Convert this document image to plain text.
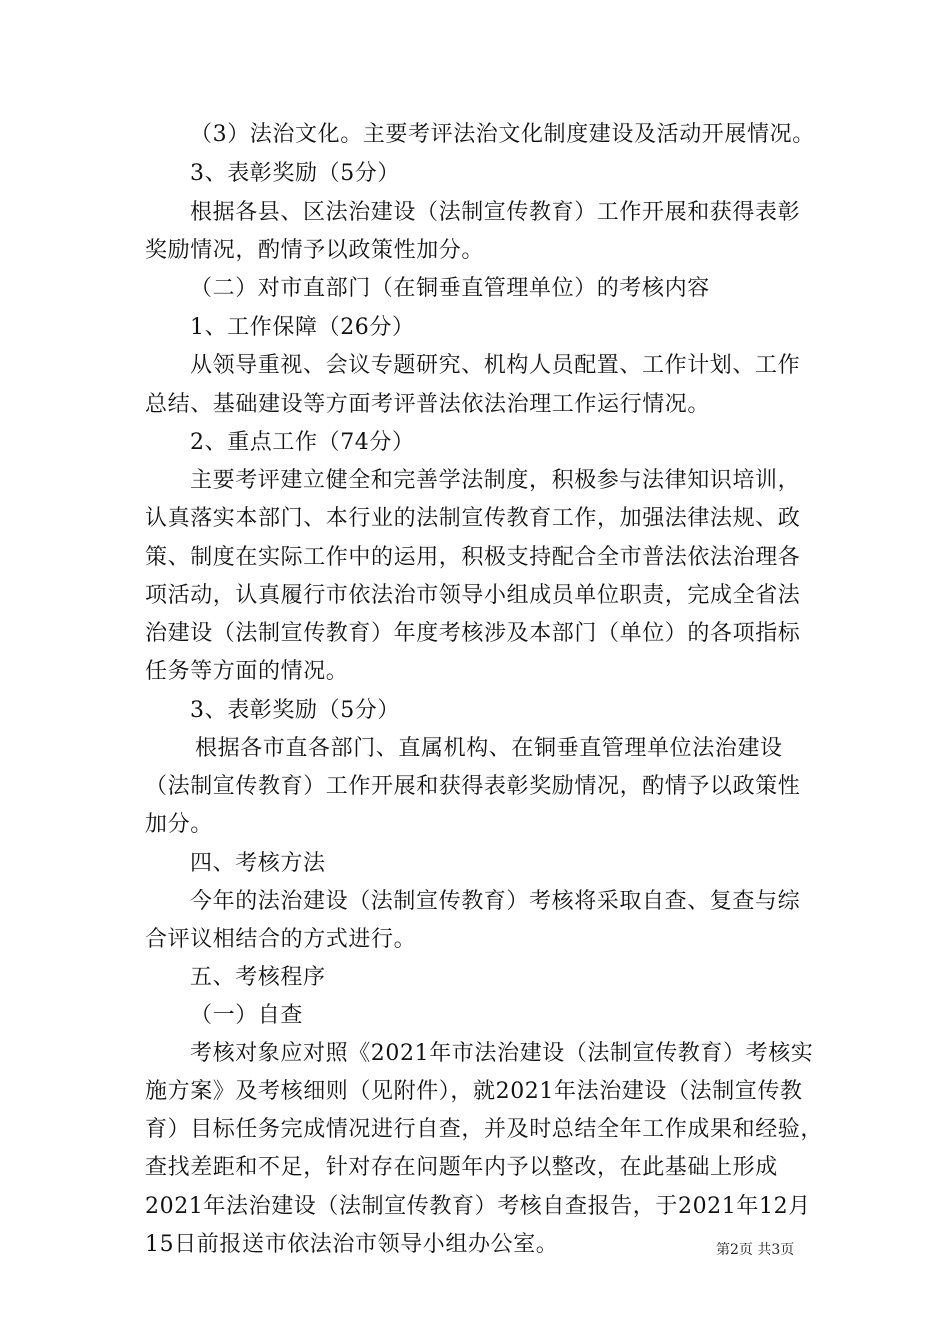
（3）法治文化。主要考评法治文化制度建设及活动开展情况。
3、表彰奖励（5分）
根据各县、区法治建设（法制宣传教育）工作开展和获得表彰
奖励情况，酌情予以政策性加分。
（二）对市直部门（在铜垂直管理单位）的考核内容
1、工作保障（26分）
从领导重视、会议专题研究、机构人员配置、工作计划、工作
总结、基础建设等方面考评普法依法治理工作运行情况。
2、重点工作（74分）
主要考评建立健全和完善学法制度，积极参与法律知识培训，
认真落实本部门、本行业的法制宣传教育工作，加强法律法规、政
策、制度在实际工作中的运用，积极支持配合全市普法依法治理各
项活动，认真履行市依法治市领导小组成员单位职责，完成全省法
治建设（法制宣传教育）年度考核涉及本部门（单位）的各项指标
任务等方面的情况。
3、表彰奖励（5分）
根据各市直各部门、直属机构、在铜垂直管理单位法治建设
（法制宣传教育）工作开展和获得表彰奖励情况，酌情予以政策性
加分。
四、考核方法
今年的法治建设（法制宣传教育）考核将采取自查、复查与综
合评议相结合的方式进行。
五、考核程序
（一）自查
考核对象应对照《2021年市法治建设（法制宣传教育）考核实
施方案》及考核细则（见附件），就2021年法治建设（法制宣传教
育）目标任务完成情况进行自查，并及时总结全年工作成果和经验，
查找差距和不足，针对存在问题年内予以整改，在此基础上形成
2021年法治建设（法制宣传教育）考核自查报告，于2021年12月
15日前报送市依法治市领导小组办公室。	第2页 共3页
